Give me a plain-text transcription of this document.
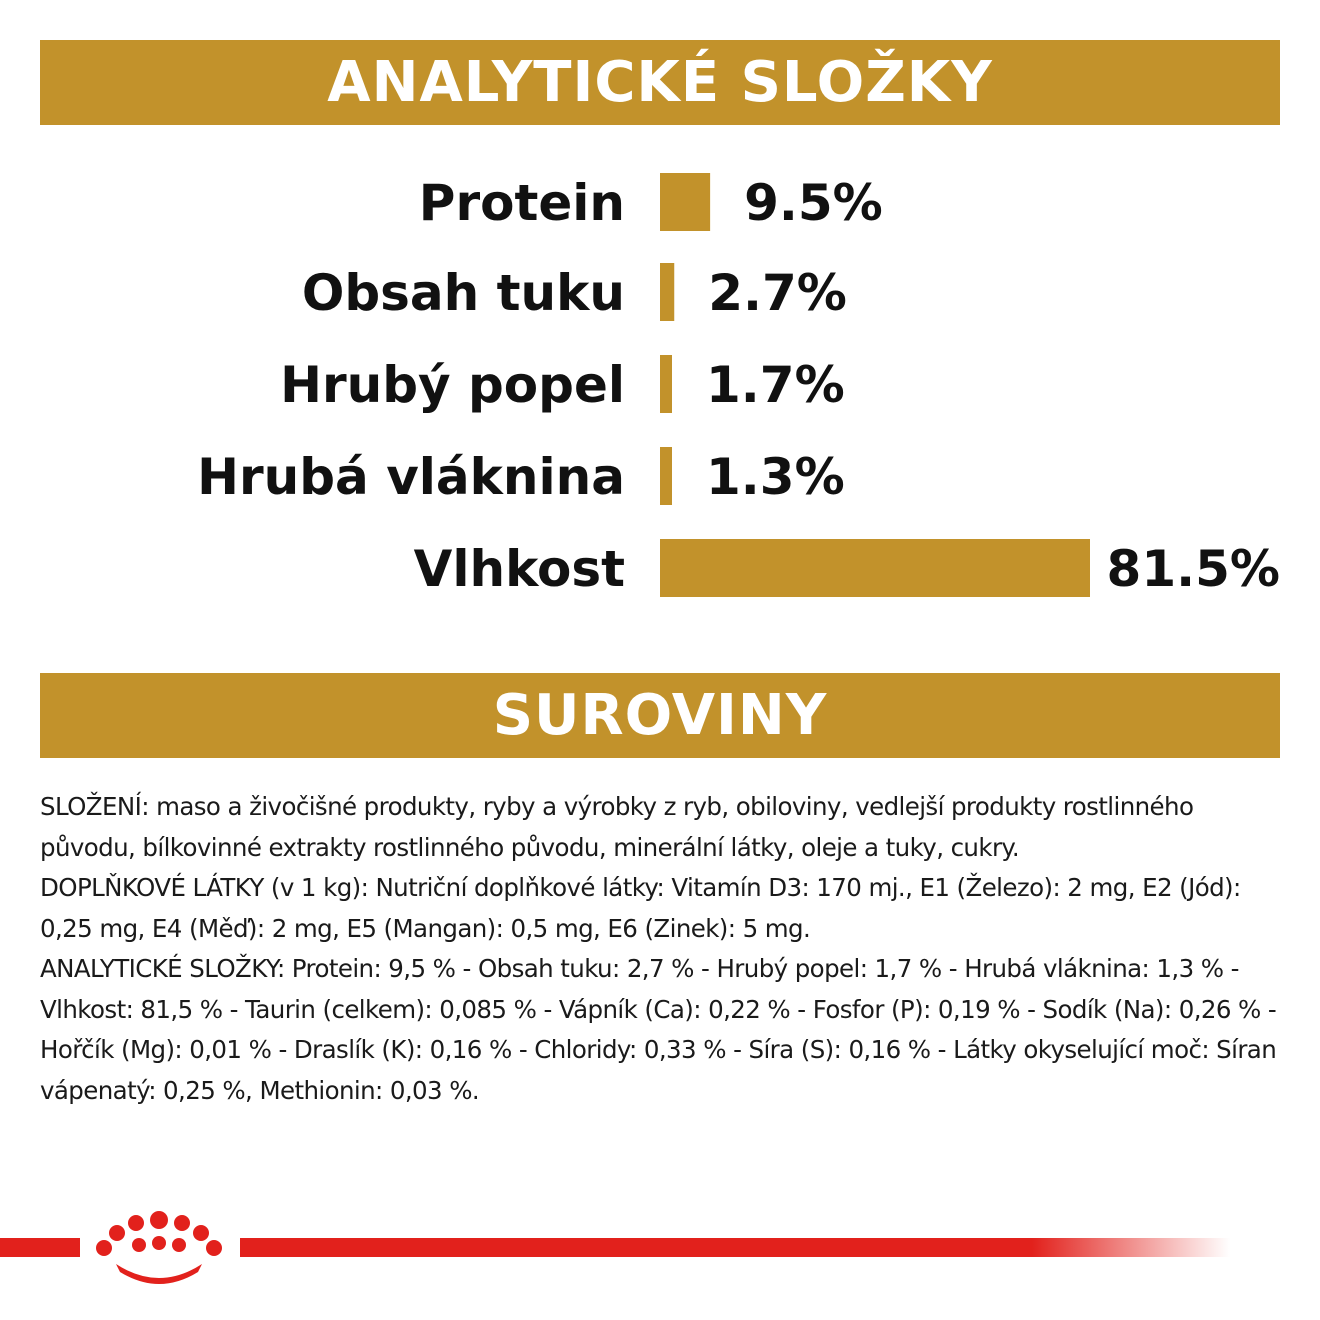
ANALYTICKÉ SLOŽKY
Protein 9.5%
Obsah tuku 2.7%
Hrubý popel 1.7%
Hrubá vláknina 1.3%
Vlhkost	81.5%
SUROVINY

SLOŽENÍ: maso a živočišné produkty, ryby a výrobky z ryb, obiloviny, vedlejší produkty rostlinného původu, bílkovinné extrakty rostlinného původu, minerální látky, oleje a tuky, cukry.

DOPLŇKOVÉ LÁTKY (v 1 kg): Nutriční doplňkové látky: Vitamín D3: 170 mj., E1 (Železo): 2 mg, E2 (Jód): 0,25 mg, E4 (Měď): 2 mg, E5 (Mangan): 0,5 mg, E6 (Zinek): 5 mg.

ANALYTICKÉ SLOŽKY: Protein: 9,5 % - Obsah tuku: 2,7 % - Hrubý popel: 1,7 % - Hrubá vláknina: 1,3 % - Vlhkost: 81,5 % - Taurin (celkem): 0,085 % - Vápník (Ca): 0,22 % - Fosfor (P): 0,19 % - Sodík (Na): 0,26 % - Hořčík (Mg): 0,01 % - Draslík (K): 0,16 % - Chloridy: 0,33 % - Síra (S): 0,16 % - Látky okyselující moč: Síran vápenatý: 0,25 %, Methionin: 0,03 %.
